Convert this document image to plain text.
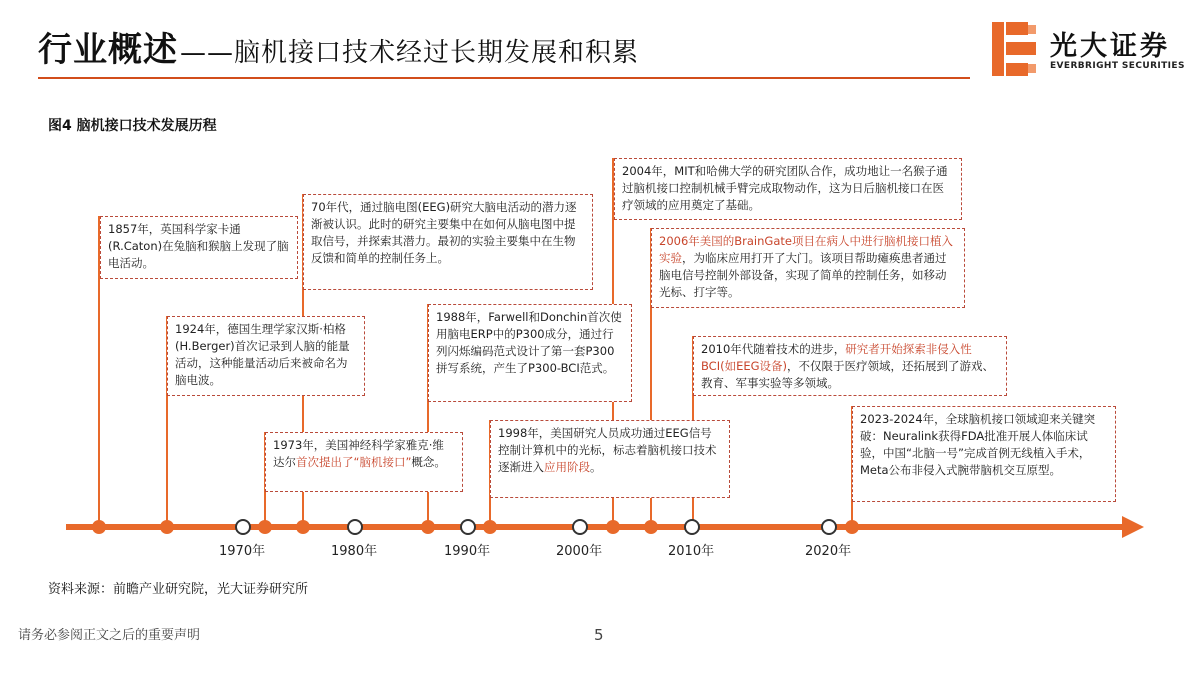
行业概述——脑机接口技术经过长期发展和积累	光大证券
EVERBRIGHT SECURITIES
图4 脑机接口技术发展历程
1857年，英国科学家卡通(R.Caton)在兔脑和猴脑上发现了脑电活动。
1924年，德国生理学家汉斯·柏格(H.Berger)首次记录到人脑的能量活动，这种能量活动后来被命名为脑电波。
1973年，美国神经科学家雅克·维达尔首次提出了“脑机接口”概念。
70年代，通过脑电图(EEG)研究大脑电活动的潜力逐渐被认识。此时的研究主要集中在如何从脑电图中提取信号，并探索其潜力。最初的实验主要集中在生物反馈和简单的控制任务上。
1988年，Farwell和Donchin首次使用脑电ERP中的P300成分，通过行列闪烁编码范式设计了第一套P300拼写系统，产生了P300-BCI范式。
1998年，美国研究人员成功通过EEG信号控制计算机中的光标，标志着脑机接口技术逐渐进入应用阶段。
2004年，MIT和哈佛大学的研究团队合作，成功地让一名猴子通过脑机接口控制机械手臂完成取物动作，这为日后脑机接口在医疗领域的应用奠定了基础。
2006年美国的BrainGate项目在病人中进行脑机接口植入实验，为临床应用打开了大门。该项目帮助瘫痪患者通过脑电信号控制外部设备，实现了简单的控制任务，如移动光标、打字等。
2010年代随着技术的进步，研究者开始探索非侵入性BCI(如EEG设备)，不仅限于医疗领域，还拓展到了游戏、教育、军事实验等多领域。
2023-2024年，全球脑机接口领域迎来关键突破：Neuralink获得FDA批准开展人体临床试验，中国“北脑一号”完成首例无线植入手术，Meta公布非侵入式腕带脑机交互原型。
1970年	1980年	1990年	2000年	2010年	2020年
资料来源：前瞻产业研究院，光大证券研究所
请务必参阅正文之后的重要声明	5
